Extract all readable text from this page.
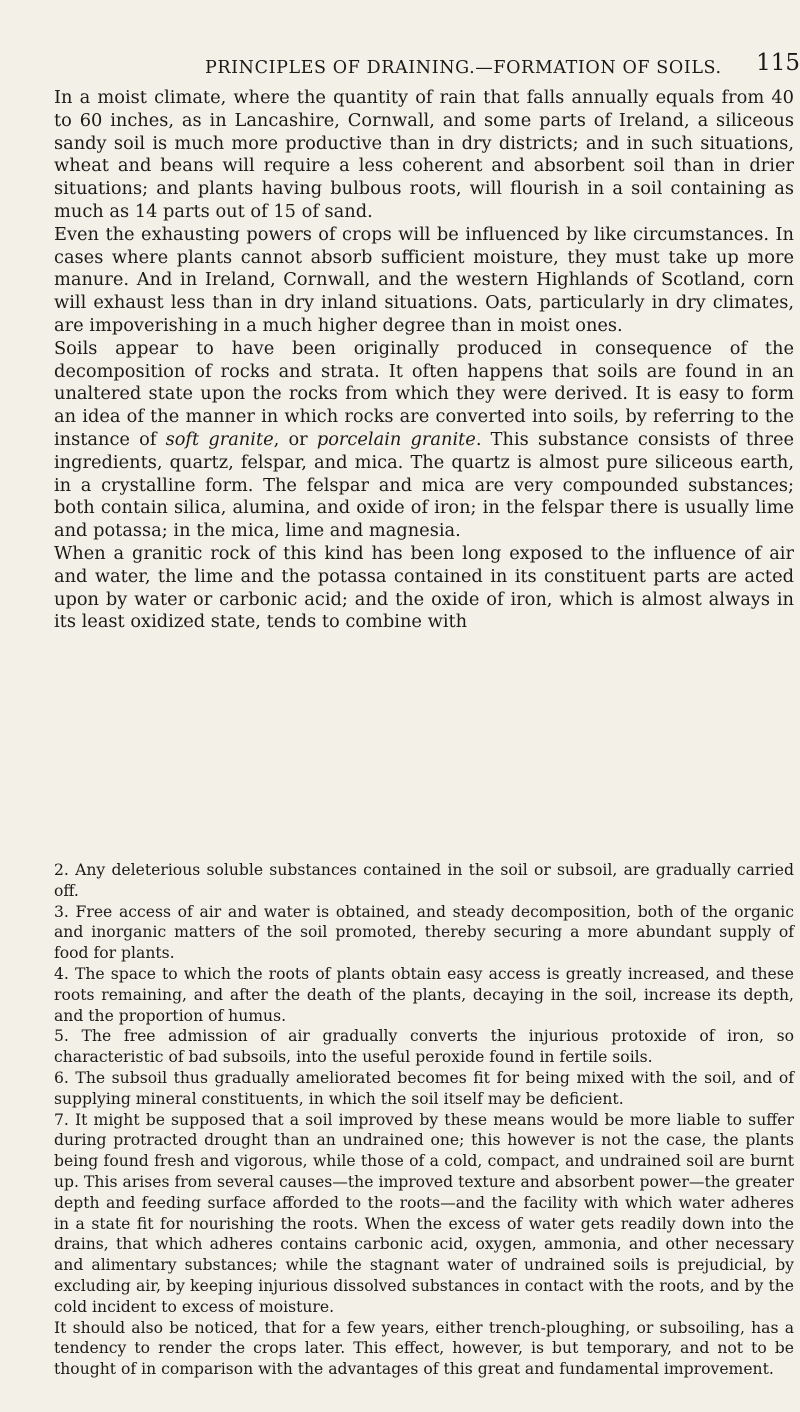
PRINCIPLES OF DRAINING.—FORMATION OF SOILS. 115

In a moist climate, where the quantity of rain that falls annually equals from 40 to 60 inches, as in Lancashire, Cornwall, and some parts of Ireland, a siliceous sandy soil is much more productive than in dry districts; and in such situations, wheat and beans will require a less coherent and absorbent soil than in drier situations; and plants having bulbous roots, will flourish in a soil containing as much as 14 parts out of 15 of sand.

Even the exhausting powers of crops will be influenced by like circumstances. In cases where plants cannot absorb sufficient moisture, they must take up more manure. And in Ireland, Cornwall, and the western Highlands of Scotland, corn will exhaust less than in dry inland situations. Oats, particularly in dry climates, are impoverishing in a much higher degree than in moist ones.

Soils appear to have been originally produced in consequence of the decomposition of rocks and strata. It often happens that soils are found in an unaltered state upon the rocks from which they were derived. It is easy to form an idea of the manner in which rocks are converted into soils, by referring to the instance of soft granite, or porcelain granite. This substance consists of three ingredients, quartz, felspar, and mica. The quartz is almost pure siliceous earth, in a crystalline form. The felspar and mica are very compounded substances; both contain silica, alumina, and oxide of iron; in the felspar there is usually lime and potassa; in the mica, lime and magnesia.

When a granitic rock of this kind has been long exposed to the influence of air and water, the lime and the potassa contained in its constituent parts are acted upon by water or carbonic acid; and the oxide of iron, which is almost always in its least oxidized state, tends to combine with

2. Any deleterious soluble substances contained in the soil or subsoil, are gradually carried off.

3. Free access of air and water is obtained, and steady decomposition, both of the organic and inorganic matters of the soil promoted, thereby securing a more abundant supply of food for plants.

4. The space to which the roots of plants obtain easy access is greatly increased, and these roots remaining, and after the death of the plants, decaying in the soil, increase its depth, and the proportion of humus.

5. The free admission of air gradually converts the injurious protoxide of iron, so characteristic of bad subsoils, into the useful peroxide found in fertile soils.

6. The subsoil thus gradually ameliorated becomes fit for being mixed with the soil, and of supplying mineral constituents, in which the soil itself may be deficient.

7. It might be supposed that a soil improved by these means would be more liable to suffer during protracted drought than an undrained one; this however is not the case, the plants being found fresh and vigorous, while those of a cold, compact, and undrained soil are burnt up. This arises from several causes—the improved texture and absorbent power—the greater depth and feeding surface afforded to the roots—and the facility with which water adheres in a state fit for nourishing the roots. When the excess of water gets readily down into the drains, that which adheres contains carbonic acid, oxygen, ammonia, and other necessary and alimentary substances; while the stagnant water of undrained soils is prejudicial, by excluding air, by keeping injurious dissolved substances in contact with the roots, and by the cold incident to excess of moisture.

It should also be noticed, that for a few years, either trench-ploughing, or subsoiling, has a tendency to render the crops later. This effect, however, is but temporary, and not to be thought of in comparison with the advantages of this great and fundamental improvement.
